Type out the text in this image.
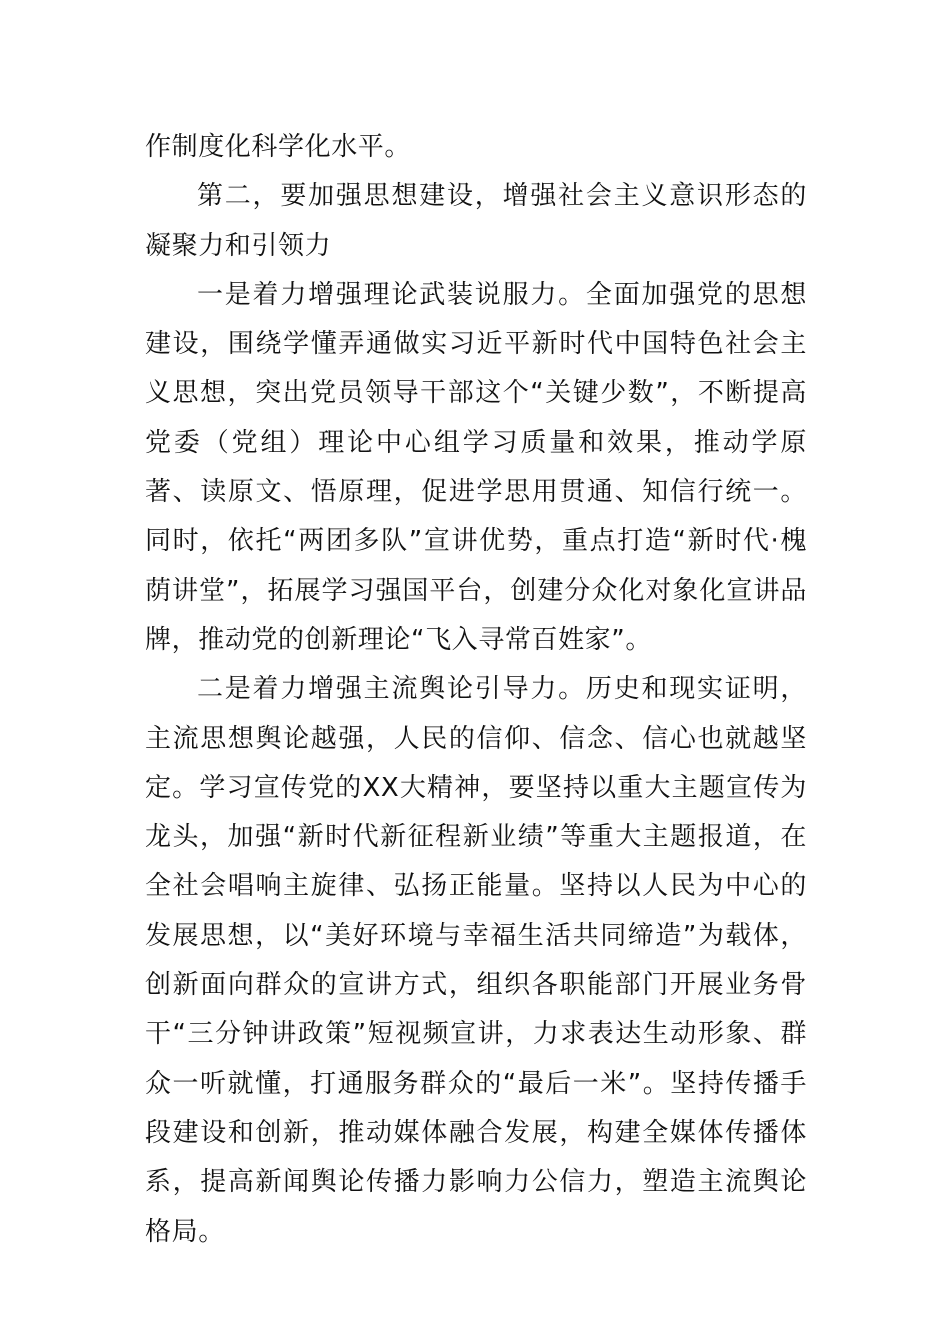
作制度化科学化水平。

第二，要加强思想建设，增强社会主义意识形态的凝聚力和引领力

一是着力增强理论武装说服力。全面加强党的思想建设，围绕学懂弄通做实习近平新时代中国特色社会主义思想，突出党员领导干部这个“关键少数”，不断提高党委（党组）理论中心组学习质量和效果，推动学原著、读原文、悟原理，促进学思用贯通、知信行统一。同时，依托“两团多队”宣讲优势，重点打造“新时代·槐荫讲堂”，拓展学习强国平台，创建分众化对象化宣讲品牌，推动党的创新理论“飞入寻常百姓家”。

二是着力增强主流舆论引导力。历史和现实证明，主流思想舆论越强，人民的信仰、信念、信心也就越坚定。学习宣传党的XX大精神，要坚持以重大主题宣传为龙头，加强“新时代新征程新业绩”等重大主题报道，在全社会唱响主旋律、弘扬正能量。坚持以人民为中心的发展思想，以“美好环境与幸福生活共同缔造”为载体，创新面向群众的宣讲方式，组织各职能部门开展业务骨干“三分钟讲政策”短视频宣讲，力求表达生动形象、群众一听就懂，打通服务群众的“最后一米”。坚持传播手段建设和创新，推动媒体融合发展，构建全媒体传播体系，提高新闻舆论传播力影响力公信力，塑造主流舆论格局。
